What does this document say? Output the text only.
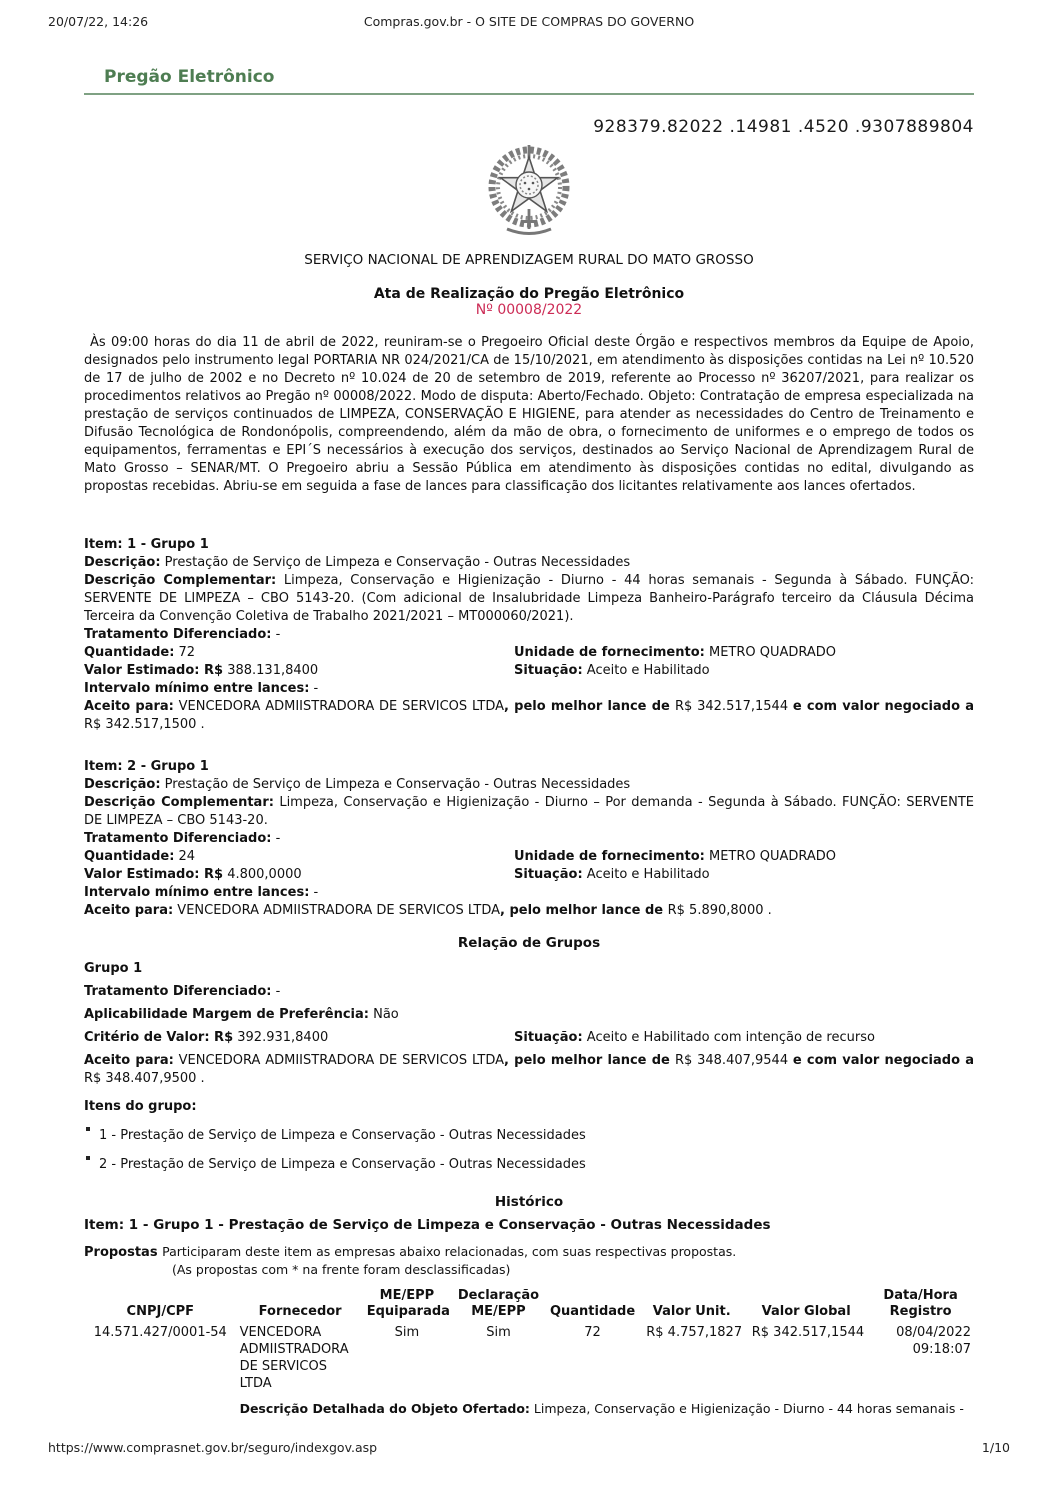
20/07/22, 14:26	Compras.gov.br - O SITE DE COMPRAS DO GOVERNO
Pregão Eletrônico
928379.82022 .14981 .4520 .9307889804
SERVIÇO NACIONAL DE APRENDIZAGEM RURAL DO MATO GROSSO
Ata de Realização do Pregão Eletrônico
Nº 00008/2022

Às 09:00 horas do dia 11 de abril de 2022, reuniram-se o Pregoeiro Oficial deste Órgão e respectivos membros da Equipe de Apoio, designados pelo instrumento legal PORTARIA NR 024/2021/CA de 15/10/2021, em atendimento às disposições contidas na Lei nº 10.520 de 17 de julho de 2002 e no Decreto nº 10.024 de 20 de setembro de 2019, referente ao Processo nº 36207/2021, para realizar os procedimentos relativos ao Pregão nº 00008/2022. Modo de disputa: Aberto/Fechado. Objeto: Contratação de empresa especializada na prestação de serviços continuados de LIMPEZA, CONSERVAÇÃO E HIGIENE, para atender as necessidades do Centro de Treinamento e Difusão Tecnológica de Rondonópolis, compreendendo, além da mão de obra, o fornecimento de uniformes e o emprego de todos os equipamentos, ferramentas e EPI´S necessários à execução dos serviços, destinados ao Serviço Nacional de Aprendizagem Rural de Mato Grosso – SENAR/MT. O Pregoeiro abriu a Sessão Pública em atendimento às disposições contidas no edital, divulgando as propostas recebidas. Abriu-se em seguida a fase de lances para classificação dos licitantes relativamente aos lances ofertados.

Item: 1 - Grupo 1

Descrição: Prestação de Serviço de Limpeza e Conservação - Outras Necessidades

Descrição Complementar: Limpeza, Conservação e Higienização - Diurno - 44 horas semanais - Segunda à Sábado. FUNÇÃO: SERVENTE DE LIMPEZA – CBO 5143-20. (Com adicional de Insalubridade Limpeza Banheiro-Parágrafo terceiro da Cláusula Décima Terceira da Convenção Coletiva de Trabalho 2021/2021 – MT000060/2021).

Tratamento Diferenciado: -

Quantidade: 72	Unidade de fornecimento: METRO QUADRADO

Valor Estimado: R$ 388.131,8400	Situação: Aceito e Habilitado

Intervalo mínimo entre lances: -

Aceito para: VENCEDORA ADMIISTRADORA DE SERVICOS LTDA, pelo melhor lance de R$ 342.517,1544 e com valor negociado a R$ 342.517,1500 .

Item: 2 - Grupo 1

Descrição: Prestação de Serviço de Limpeza e Conservação - Outras Necessidades

Descrição Complementar: Limpeza, Conservação e Higienização - Diurno – Por demanda - Segunda à Sábado. FUNÇÃO: SERVENTE DE LIMPEZA – CBO 5143-20.

Tratamento Diferenciado: -

Quantidade: 24	Unidade de fornecimento: METRO QUADRADO

Valor Estimado: R$ 4.800,0000	Situação: Aceito e Habilitado

Intervalo mínimo entre lances: -

Aceito para: VENCEDORA ADMIISTRADORA DE SERVICOS LTDA, pelo melhor lance de R$ 5.890,8000 .

Relação de Grupos

Grupo 1

Tratamento Diferenciado: -

Aplicabilidade Margem de Preferência: Não

Critério de Valor: R$ 392.931,8400	Situação: Aceito e Habilitado com intenção de recurso

Aceito para: VENCEDORA ADMIISTRADORA DE SERVICOS LTDA, pelo melhor lance de R$ 348.407,9544 e com valor negociado a R$ 348.407,9500 .

Itens do grupo:

1 - Prestação de Serviço de Limpeza e Conservação - Outras Necessidades
2 - Prestação de Serviço de Limpeza e Conservação - Outras Necessidades
Histórico

Item: 1 - Grupo 1 - Prestação de Serviço de Limpeza e Conservação - Outras Necessidades

Propostas Participaram deste item as empresas abaixo relacionadas, com suas respectivas propostas.

(As propostas com * na frente foram desclassificadas)

CNPJ/CPF	Fornecedor	ME/EPP Equiparada	Declaração ME/EPP	Quantidade	Valor Unit.	Valor Global	Data/Hora Registro
14.571.427/0001-54	VENCEDORA ADMIISTRADORA DE SERVICOS LTDA	Sim	Sim	72	R$ 4.757,1827	R$ 342.517,1544	08/04/2022 09:18:07
	Descrição Detalhada do Objeto Ofertado: Limpeza, Conservação e Higienização - Diurno - 44 horas semanais -						
https://www.comprasnet.gov.br/seguro/indexgov.asp	1/10
